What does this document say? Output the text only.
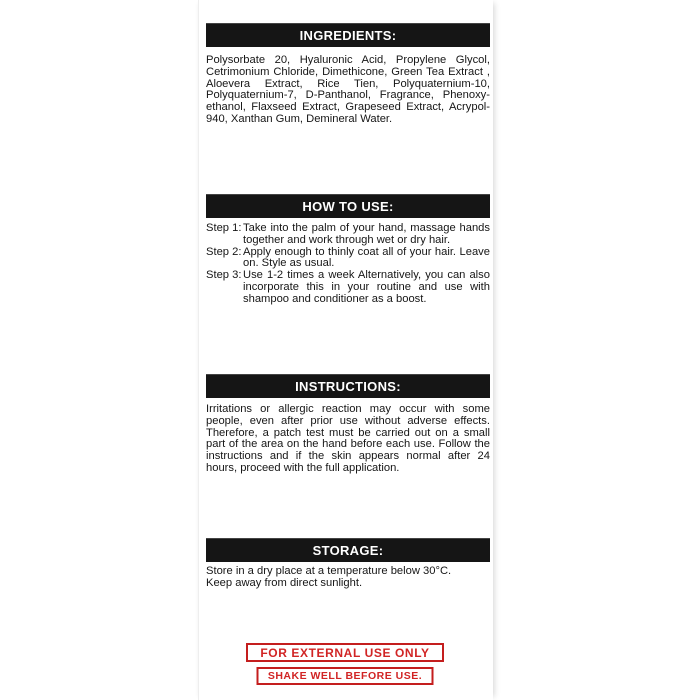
INGREDIENTS:
Polysorbate 20, Hyaluronic Acid, Propylene Glycol, Cetrimonium Chloride, Dimethicone, Green Tea Extract , Aloevera Extract, Rice Tien, Polyquaternium-10, Polyquaternium-7, D-Panthanol, Fragrance, Phenoxy-ethanol, Flaxseed Extract, Grapeseed Extract, Acrypol-940, Xanthan Gum, Demineral Water.
HOW TO USE:
Step 1: Take into the palm of your hand, massage hands together and work through wet or dry hair.
Step 2: Apply enough to thinly coat all of your hair. Leave on. Style as usual.
Step 3: Use 1-2 times a week Alternatively, you can also incorporate this in your routine and use with shampoo and conditioner as a boost.
INSTRUCTIONS:
Irritations or allergic reaction may occur with some people, even after prior use without adverse effects. Therefore, a patch test must be carried out on a small part of the area on the hand before each use. Follow the instructions and if the skin appears normal after 24 hours, proceed with the full application.
STORAGE:
Store in a dry place at a temperature below 30°C.
Keep away from direct sunlight.
FOR EXTERNAL USE ONLY
SHAKE WELL BEFORE USE.
